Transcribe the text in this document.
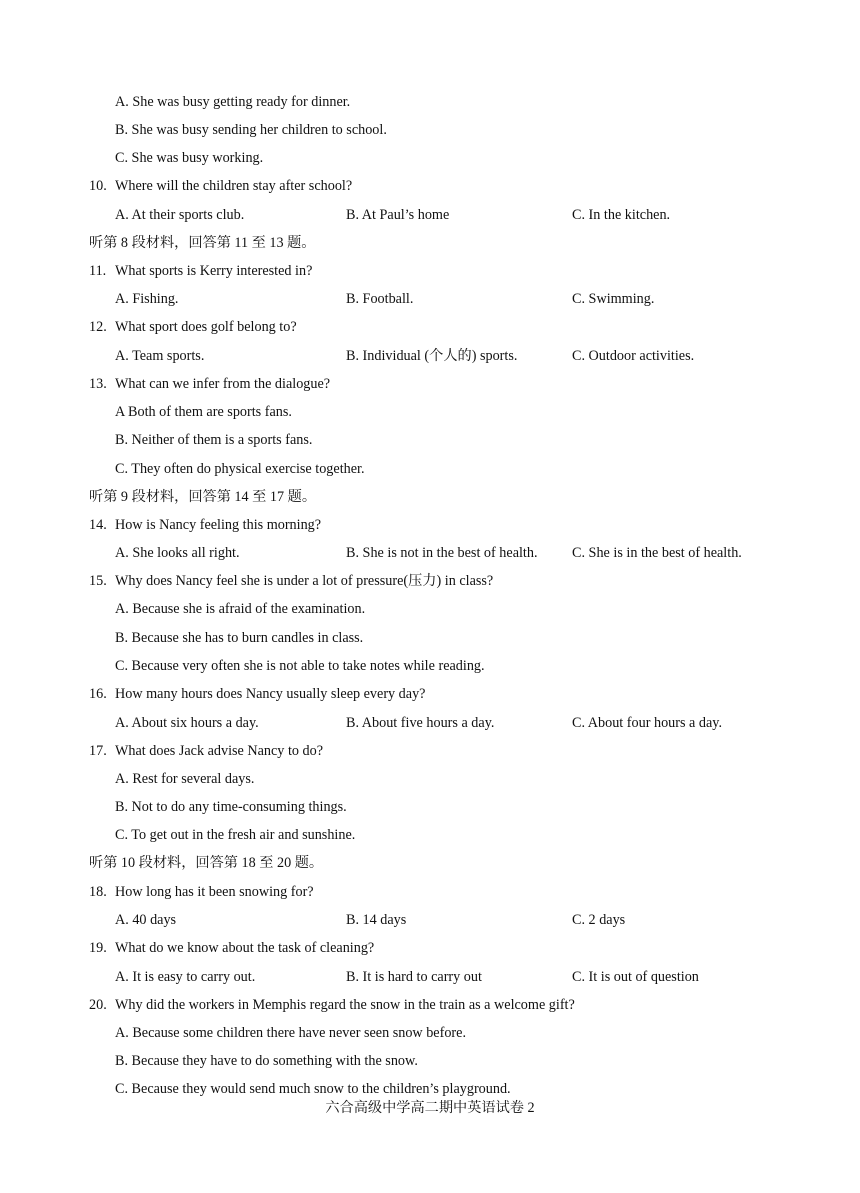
A. She was busy getting ready for dinner.
B. She was busy sending her children to school.
C. She was busy working.
10. Where will the children stay after school?
A. At their sports club.	B. At Paul’s home	C. In the kitchen.
听第 8 段材料，回答第 11 至 13 题。
11. What sports is Kerry interested in?
A. Fishing.	B. Football.	C. Swimming.
12. What sport does golf belong to?
A. Team sports.	B. Individual (个人的) sports.	C. Outdoor activities.
13. What can we infer from the dialogue?
A Both of them are sports fans.
B. Neither of them is a sports fans.
C. They often do physical exercise together.
听第 9 段材料，回答第 14 至 17 题。
14. How is Nancy feeling this morning?
A. She looks all right.	B. She is not in the best of health. C. She is in the best of health.
15. Why does Nancy feel she is under a lot of pressure(压力) in class?
A. Because she is afraid of the examination.
B. Because she has to burn candles in class.
C. Because very often she is not able to take notes while reading.
16. How many hours does Nancy usually sleep every day?
A. About six hours a day.	B. About five hours a day.	C. About four hours a day.
17. What does Jack advise Nancy to do?
A. Rest for several days.
B. Not to do any time-consuming things.
C. To get out in the fresh air and sunshine.
听第 10 段材料，回答第 18 至 20 题。
18. How long has it been snowing for?
A. 40 days	B. 14 days	C. 2 days
19. What do we know about the task of cleaning?
A. It is easy to carry out.	B. It is hard to carry out	C. It is out of question
20. Why did the workers in Memphis regard the snow in the train as a welcome gift?
A. Because some children there have never seen snow before.
B. Because they have to do something with the snow.
C. Because they would send much snow to the children’s playground.
六合高级中学高二期中英语试卷 2
